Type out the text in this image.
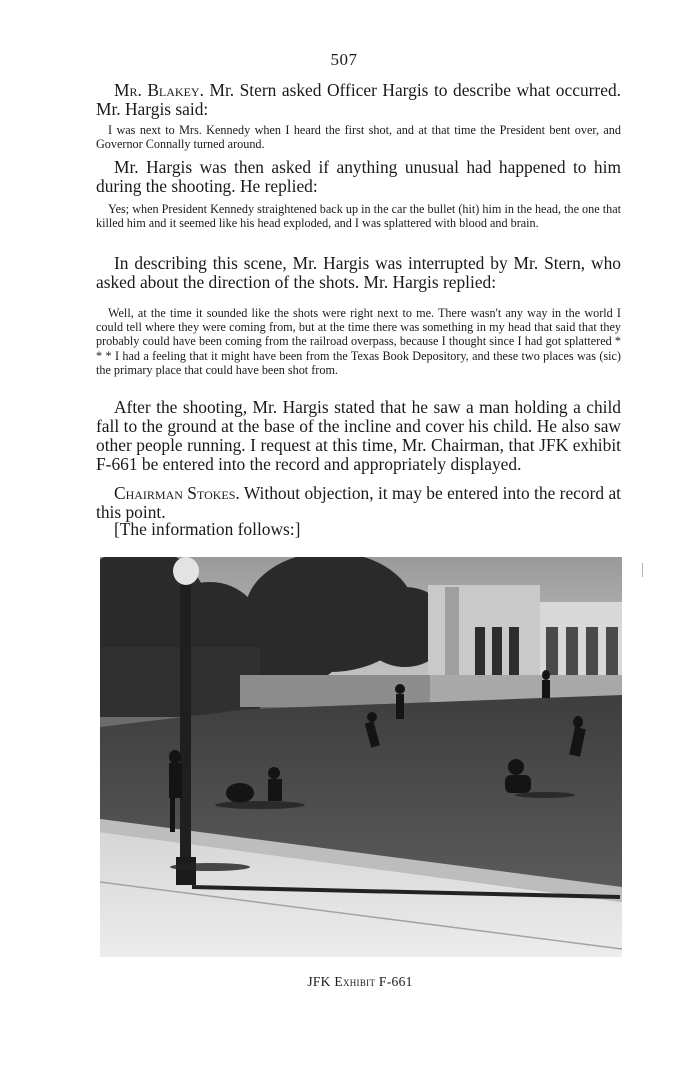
507

Mr. Blakey. Mr. Stern asked Officer Hargis to describe what occurred. Mr. Hargis said:

I was next to Mrs. Kennedy when I heard the first shot, and at that time the President bent over, and Governor Connally turned around.

Mr. Hargis was then asked if anything unusual had happened to him during the shooting. He replied:

Yes; when President Kennedy straightened back up in the car the bullet (hit) him in the head, the one that killed him and it seemed like his head exploded, and I was splattered with blood and brain.

In describing this scene, Mr. Hargis was interrupted by Mr. Stern, who asked about the direction of the shots. Mr. Hargis replied:

Well, at the time it sounded like the shots were right next to me. There wasn't any way in the world I could tell where they were coming from, but at the time there was something in my head that said that they probably could have been coming from the railroad overpass, because I thought since I had got splattered * * * I had a feeling that it might have been from the Texas Book Depository, and these two places was (sic) the primary place that could have been shot from.

After the shooting, Mr. Hargis stated that he saw a man holding a child fall to the ground at the base of the incline and cover his child. He also saw other people running. I request at this time, Mr. Chairman, that JFK exhibit F-661 be entered into the record and appropriately displayed.

Chairman Stokes. Without objection, it may be entered into the record at this point.

[The information follows:]

JFK Exhibit F-661
